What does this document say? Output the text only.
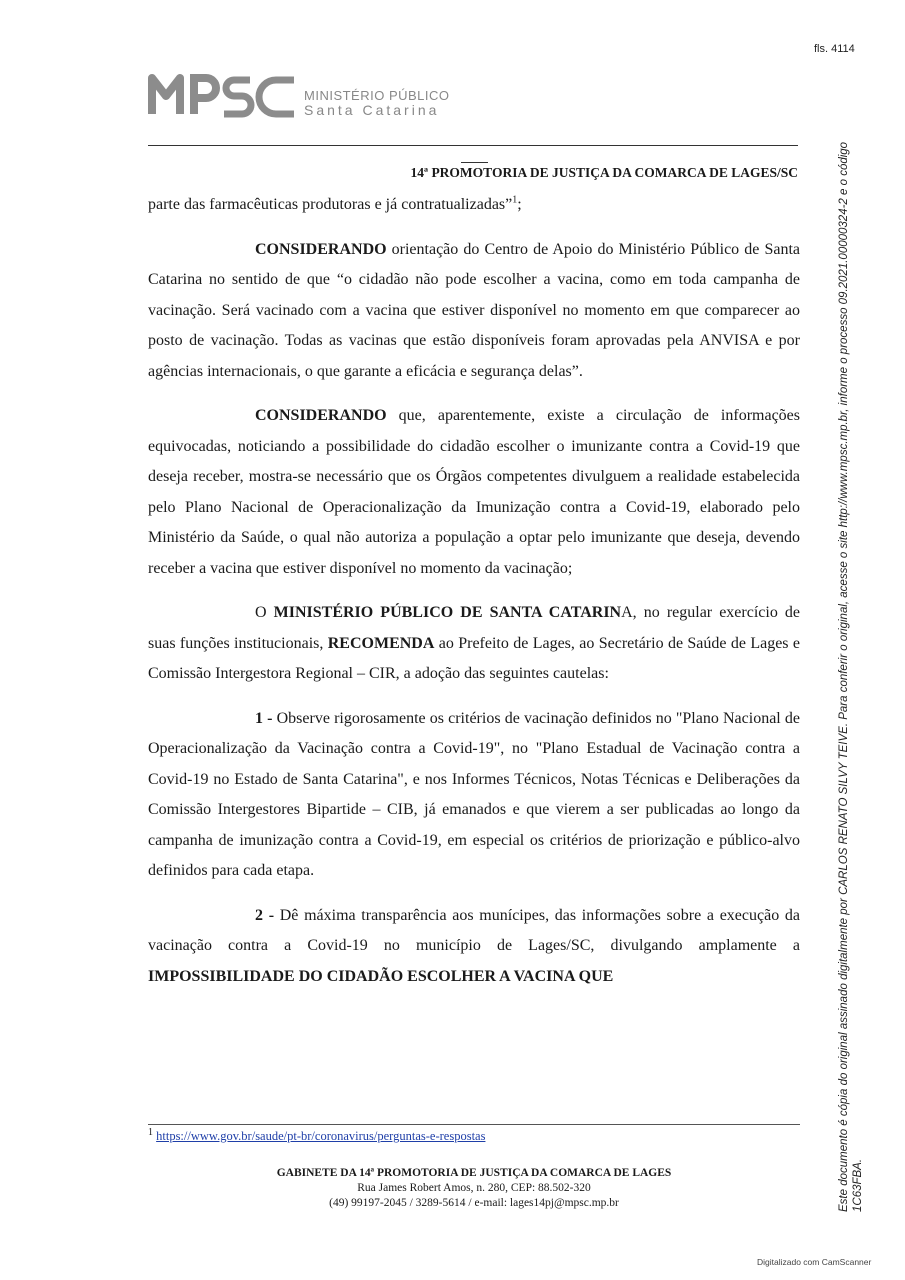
fls. 4114
MINISTÉRIO PÚBLICO
Santa Catarina
14ª PROMOTORIA DE JUSTIÇA DA COMARCA DE LAGES/SC

parte das farmacêuticas produtoras e já contratualizadas”$^1$;

CONSIDERANDO orientação do Centro de Apoio do Ministério Público de Santa Catarina no sentido de que “o cidadão não pode escolher a vacina, como em toda campanha de vacinação. Será vacinado com a vacina que estiver disponível no momento em que comparecer ao posto de vacinação. Todas as vacinas que estão disponíveis foram aprovadas pela ANVISA e por agências internacionais, o que garante a eficácia e segurança delas”.

CONSIDERANDO que, aparentemente, existe a circulação de informações equivocadas, noticiando a possibilidade do cidadão escolher o imunizante contra a Covid-19 que deseja receber, mostra-se necessário que os Órgãos competentes divulguem a realidade estabelecida pelo Plano Nacional de Operacionalização da Imunização contra a Covid-19, elaborado pelo Ministério da Saúde, o qual não autoriza a população a optar pelo imunizante que deseja, devendo receber a vacina que estiver disponível no momento da vacinação;

O MINISTÉRIO PÚBLICO DE SANTA CATARINA, no regular exercício de suas funções institucionais, RECOMENDA ao Prefeito de Lages, ao Secretário de Saúde de Lages e Comissão Intergestora Regional – CIR, a adoção das seguintes cautelas:

1 - Observe rigorosamente os critérios de vacinação definidos no "Plano Nacional de Operacionalização da Vacinação contra a Covid-19", no "Plano Estadual de Vacinação contra a Covid-19 no Estado de Santa Catarina", e nos Informes Técnicos, Notas Técnicas e Deliberações da Comissão Intergestores Bipartide – CIB, já emanados e que vierem a ser publicadas ao longo da campanha de imunização contra a Covid-19, em especial os critérios de priorização e público-alvo definidos para cada etapa.

2 - Dê máxima transparência aos munícipes, das informações sobre a execução da vacinação contra a Covid-19 no município de Lages/SC, divulgando amplamente a IMPOSSIBILIDADE DO CIDADÃO ESCOLHER A VACINA QUE

$^1$ https://www.gov.br/saude/pt-br/coronavirus/perguntas-e-respostas
GABINETE DA 14ª PROMOTORIA DE JUSTIÇA DA COMARCA DE LAGES
Rua James Robert Amos, n. 280, CEP: 88.502-320
(49) 99197-2045 / 3289-5614 / e-mail: lages14pj@mpsc.mp.br	Este documento é cópia do original assinado digitalmente por CARLOS RENATO SILVY TEIVE. Para conferir o original, acesse o site http://www.mpsc.mp.br, informe o processo 09.2021.00000324-2 e o código 1C63FBA.
Digitalizado com CamScanner
